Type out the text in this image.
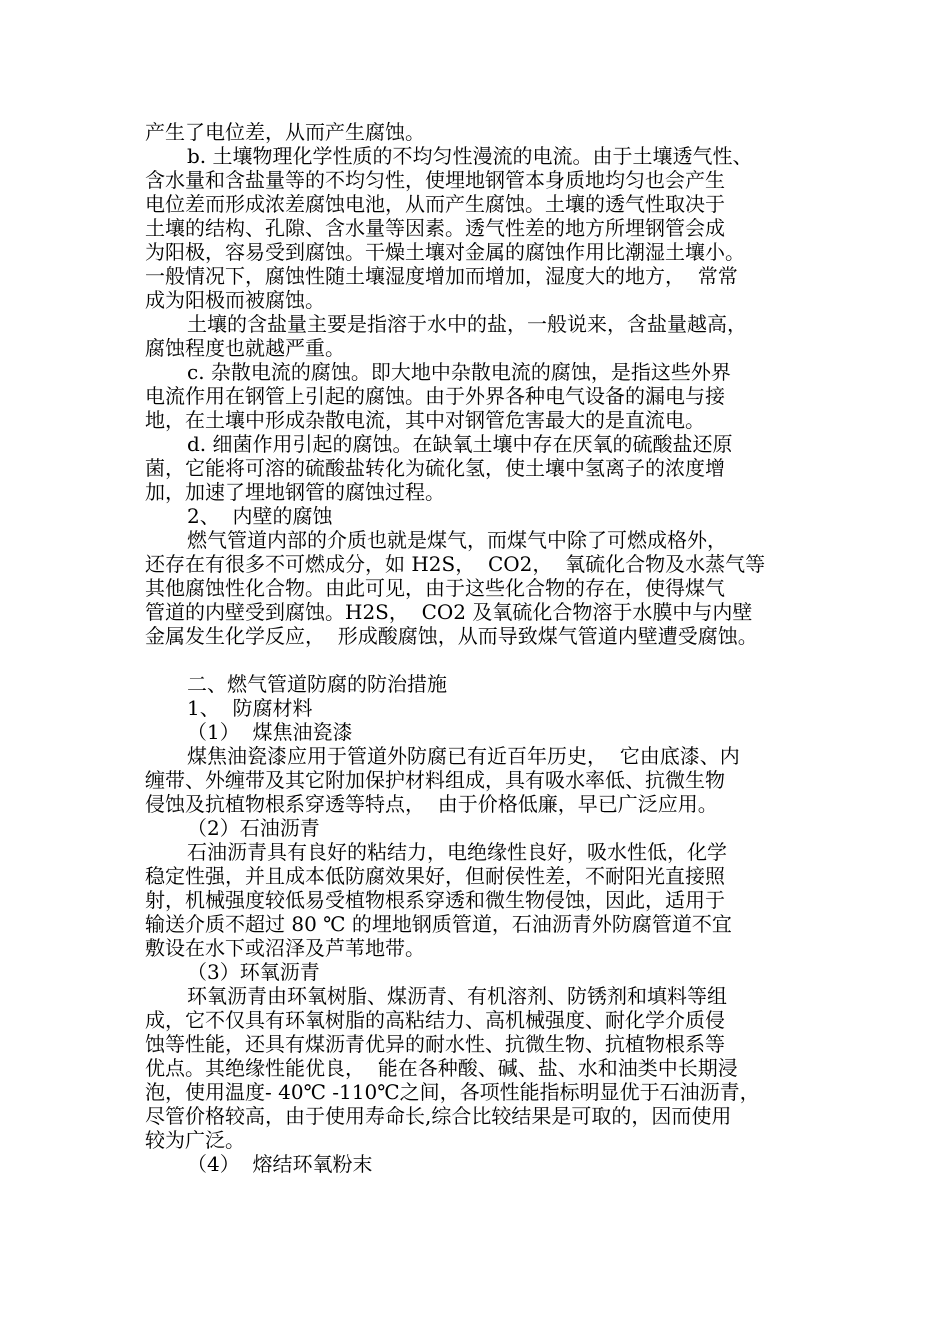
产生了电位差，从而产生腐蚀。
b. 土壤物理化学性质的不均匀性漫流的电流。由于土壤透气性、
含水量和含盐量等的不均匀性，使埋地钢管本身质地均匀也会产生
电位差而形成浓差腐蚀电池，从而产生腐蚀。土壤的透气性取决于
土壤的结构、孔隙、含水量等因素。透气性差的地方所埋钢管会成
为阳极，容易受到腐蚀。干燥土壤对金属的腐蚀作用比潮湿土壤小。
一般情况下，腐蚀性随土壤湿度增加而增加，湿度大的地方，  常常
成为阳极而被腐蚀。
土壤的含盐量主要是指溶于水中的盐，一般说来，含盐量越高，
腐蚀程度也就越严重。
c. 杂散电流的腐蚀。即大地中杂散电流的腐蚀，是指这些外界
电流作用在钢管上引起的腐蚀。由于外界各种电气设备的漏电与接
地，在土壤中形成杂散电流，其中对钢管危害最大的是直流电。
d. 细菌作用引起的腐蚀。在缺氧土壤中存在厌氧的硫酸盐还原
菌，它能将可溶的硫酸盐转化为硫化氢，使土壤中氢离子的浓度增
加，加速了埋地钢管的腐蚀过程。
2、  内壁的腐蚀
燃气管道内部的介质也就是煤气，而煤气中除了可燃成格外，
还存在有很多不可燃成分，如 H2S，  CO2，  氧硫化合物及水蒸气等
其他腐蚀性化合物。由此可见，由于这些化合物的存在，使得煤气
管道的内壁受到腐蚀。H2S，  CO2 及氧硫化合物溶于水膜中与内壁
金属发生化学反应，  形成酸腐蚀，从而导致煤气管道内壁遭受腐蚀。
二、燃气管道防腐的防治措施
1、  防腐材料
（1）  煤焦油瓷漆
煤焦油瓷漆应用于管道外防腐已有近百年历史，  它由底漆、内
缠带、外缠带及其它附加保护材料组成，具有吸水率低、抗微生物
侵蚀及抗植物根系穿透等特点，  由于价格低廉，早已广泛应用。
（2）石油沥青
石油沥青具有良好的粘结力，电绝缘性良好，吸水性低，化学
稳定性强，并且成本低防腐效果好，但耐侯性差，不耐阳光直接照
射，机械强度较低易受植物根系穿透和微生物侵蚀，因此，适用于
输送介质不超过 80 ℃ 的埋地钢质管道，石油沥青外防腐管道不宜
敷设在水下或沼泽及芦苇地带。
（3）环氧沥青
环氧沥青由环氧树脂、煤沥青、有机溶剂、防锈剂和填料等组
成，它不仅具有环氧树脂的高粘结力、高机械强度、耐化学介质侵
蚀等性能，还具有煤沥青优异的耐水性、抗微生物、抗植物根系等
优点。其绝缘性能优良，  能在各种酸、碱、盐、水和油类中长期浸
泡，使用温度- 40℃ -110℃之间，各项性能指标明显优于石油沥青，
尽管价格较高，由于使用寿命长,综合比较结果是可取的，因而使用
较为广泛。
（4）  熔结环氧粉末
